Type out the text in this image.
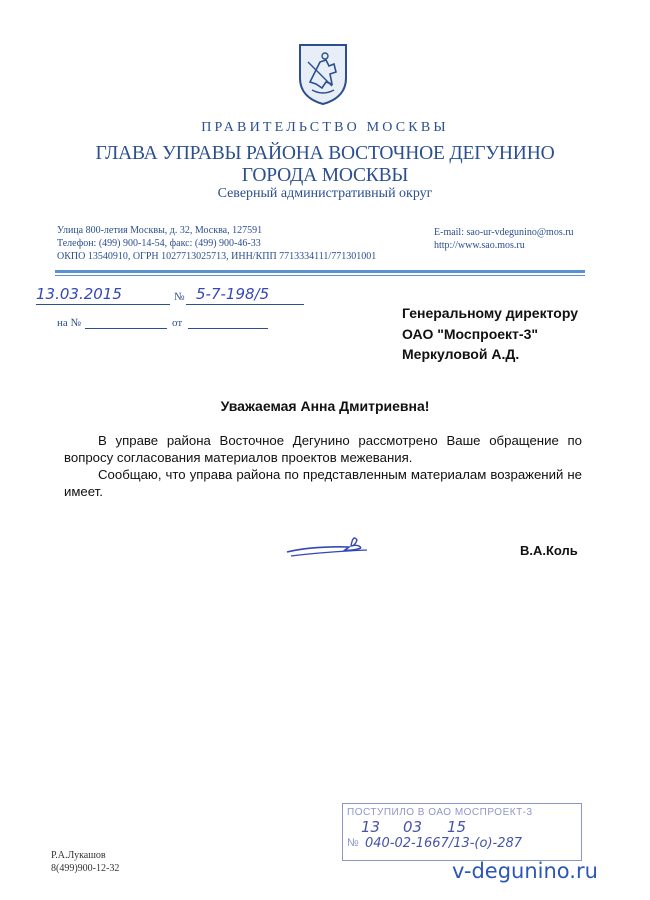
ПРАВИТЕЛЬСТВО МОСКВЫ
ГЛАВА УПРАВЫ РАЙОНА ВОСТОЧНОЕ ДЕГУНИНО
ГОРОДА МОСКВЫ
Северный административный округ
Улица 800-летия Москвы, д. 32, Москва, 127591
Телефон: (499) 900-14-54, факс: (499) 900-46-33
ОКПО 13540910, ОГРН 1027713025713, ИНН/КПП 7713334111/771301001
E-mail: sao-ur-vdegunino@mos.ru
http://www.sao.mos.ru
13.03.2015	№ 5-7-198/5
на №	от
Генеральному директору
ОАО "Моспроект-3"
Меркуловой А.Д.
Уважаемая Анна Дмитриевна!

В управе района Восточное Дегунино рассмотрено Ваше обращение по вопросу согласования материалов проектов межевания.

Сообщаю, что управа района по представленным материалам возражений не имеет.

В.А.Коль
ПОСТУПИЛО В ОАО МОСПРОЕКТ-3
13 03 15
№ 040-02-1667/13-(о)-287
Р.А.Лукашов
8(499)900-12-32	v-degunino.ru
